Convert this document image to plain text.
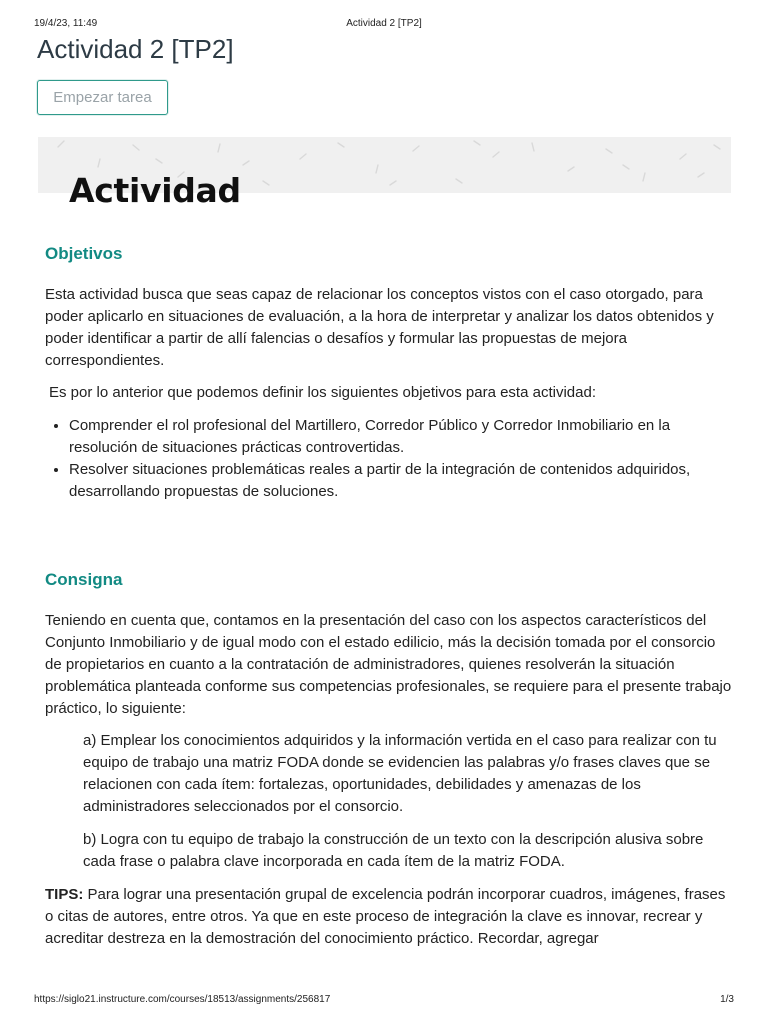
19/4/23, 11:49	Actividad 2 [TP2]
Actividad 2 [TP2]
Empezar tarea
Actividad
Objetivos

Esta actividad busca que seas capaz de relacionar los conceptos vistos con el caso otorgado, para poder aplicarlo en situaciones de evaluación, a la hora de interpretar y analizar los datos obtenidos y poder identificar a partir de allí falencias o desafíos y formular las propuestas de mejora correspondientes.

Es por lo anterior que podemos definir los siguientes objetivos para esta actividad:

• Comprender el rol profesional del Martillero, Corredor Público y Corredor Inmobiliario en la resolución de situaciones prácticas controvertidas.
• Resolver situaciones problemáticas reales a partir de la integración de contenidos adquiridos, desarrollando propuestas de soluciones.
Consigna

Teniendo en cuenta que, contamos en la presentación del caso con los aspectos característicos del Conjunto Inmobiliario y de igual modo con el estado edilicio, más la decisión tomada por el consorcio de propietarios en cuanto a la contratación de administradores, quienes resolverán la situación problemática planteada conforme sus competencias profesionales, se requiere para el presente trabajo práctico, lo siguiente:

a) Emplear los conocimientos adquiridos y la información vertida en el caso para realizar con tu equipo de trabajo una matriz FODA donde se evidencien las palabras y/o frases claves que se relacionen con cada ítem: fortalezas, oportunidades, debilidades y amenazas de los administradores seleccionados por el consorcio.

b) Logra con tu equipo de trabajo la construcción de un texto con la descripción alusiva sobre cada frase o palabra clave incorporada en cada ítem de la matriz FODA.

TIPS: Para lograr una presentación grupal de excelencia podrán incorporar cuadros, imágenes, frases o citas de autores, entre otros. Ya que en este proceso de integración la clave es innovar, recrear y acreditar destreza en la demostración del conocimiento práctico. Recordar, agregar

https://siglo21.instructure.com/courses/18513/assignments/256817	1/3
